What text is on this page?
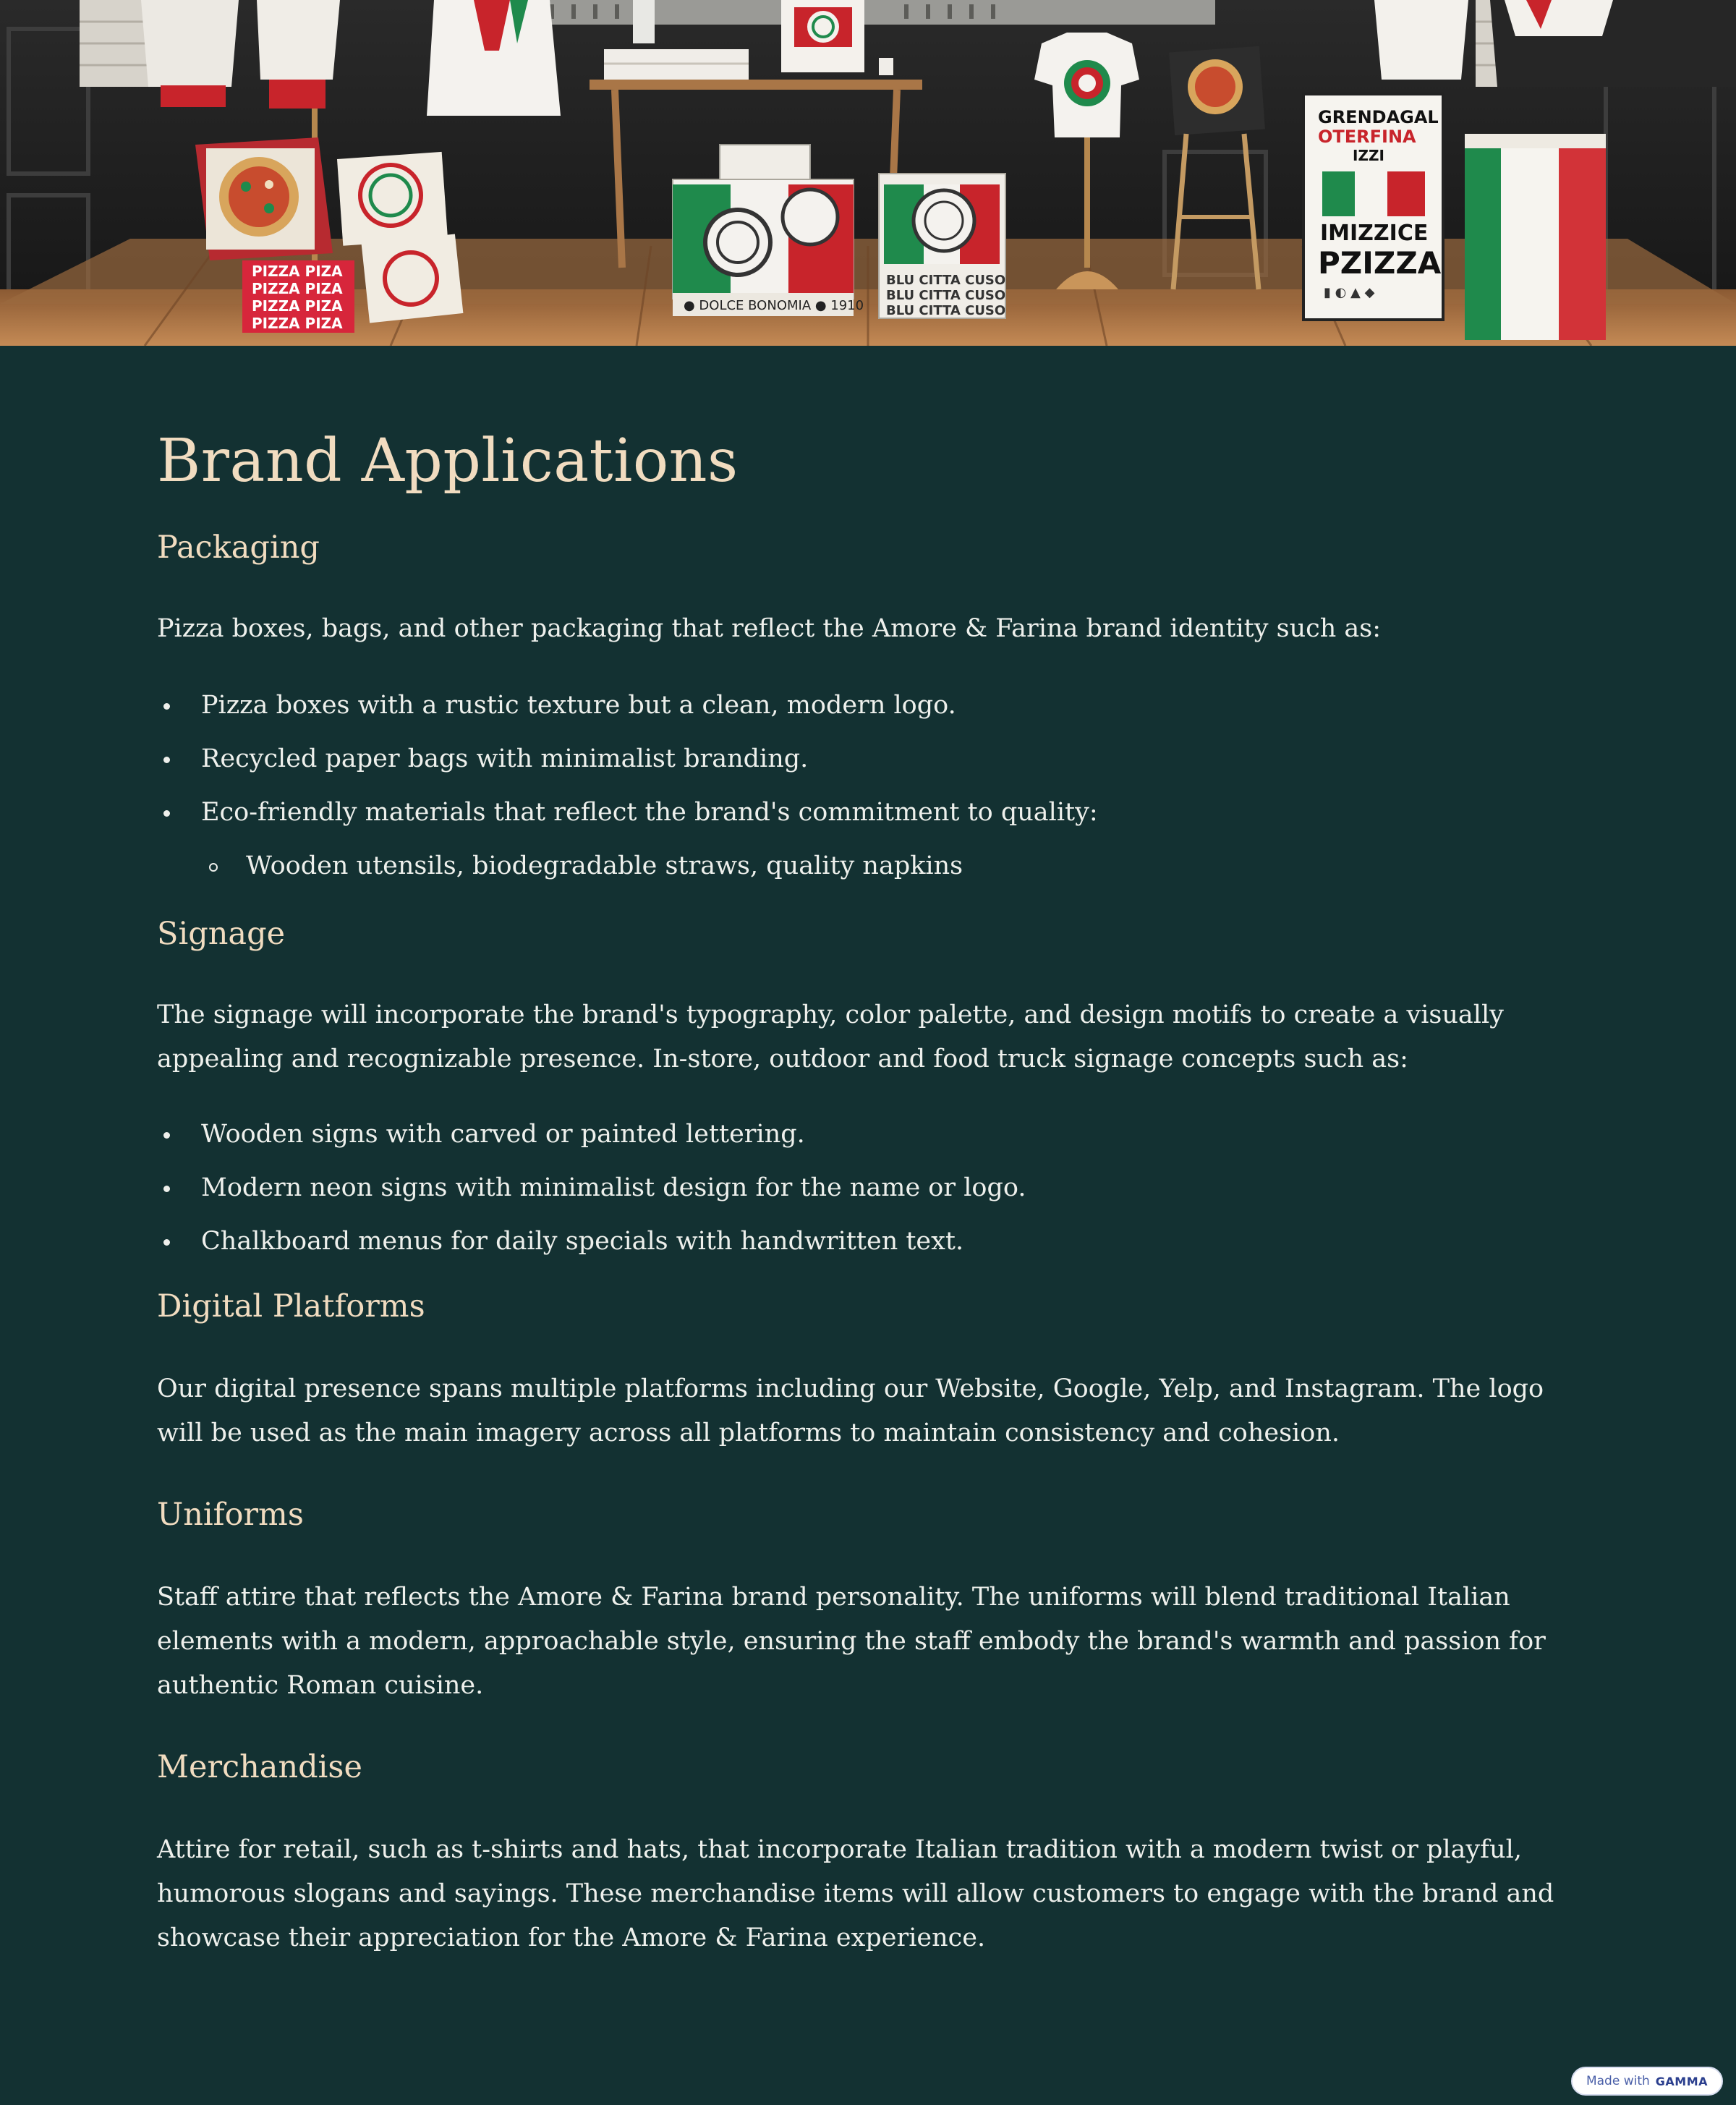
PIZZA PIZA
PIZZA PIZA
PIZZA PIZA
PIZZA PIZA
● DOLCE BONOMIA ● 1910
BLU CITTA CUSO
BLU CITTA CUSO
BLU CITTA CUSO
GRENDAGAL
OTERFINA
IZZI
IMIZZICE
PZIZZA
▮ ◐ ▲ ◆
Brand Applications
Packaging

Pizza boxes, bags, and other packaging that reflect the Amore & Farina brand identity such as:

Pizza boxes with a rustic texture but a clean, modern logo.
Recycled paper bags with minimalist branding.
Eco-friendly materials that reflect the brand's commitment to quality:
Wooden utensils, biodegradable straws, quality napkins
Signage

The signage will incorporate the brand's typography, color palette, and design motifs to create a visually appealing and recognizable presence. In-store, outdoor and food truck signage concepts such as:

Wooden signs with carved or painted lettering.
Modern neon signs with minimalist design for the name or logo.
Chalkboard menus for daily specials with handwritten text.
Digital Platforms

Our digital presence spans multiple platforms including our Website, Google, Yelp, and Instagram. The logo will be used as the main imagery across all platforms to maintain consistency and cohesion.

Uniforms

Staff attire that reflects the Amore & Farina brand personality. The uniforms will blend traditional Italian elements with a modern, approachable style, ensuring the staff embody the brand's warmth and passion for authentic Roman cuisine.

Merchandise

Attire for retail, such as t-shirts and hats, that incorporate Italian tradition with a modern twist or playful, humorous slogans and sayings. These merchandise items will allow customers to engage with the brand and showcase their appreciation for the Amore & Farina experience.

Made with GAMMA
